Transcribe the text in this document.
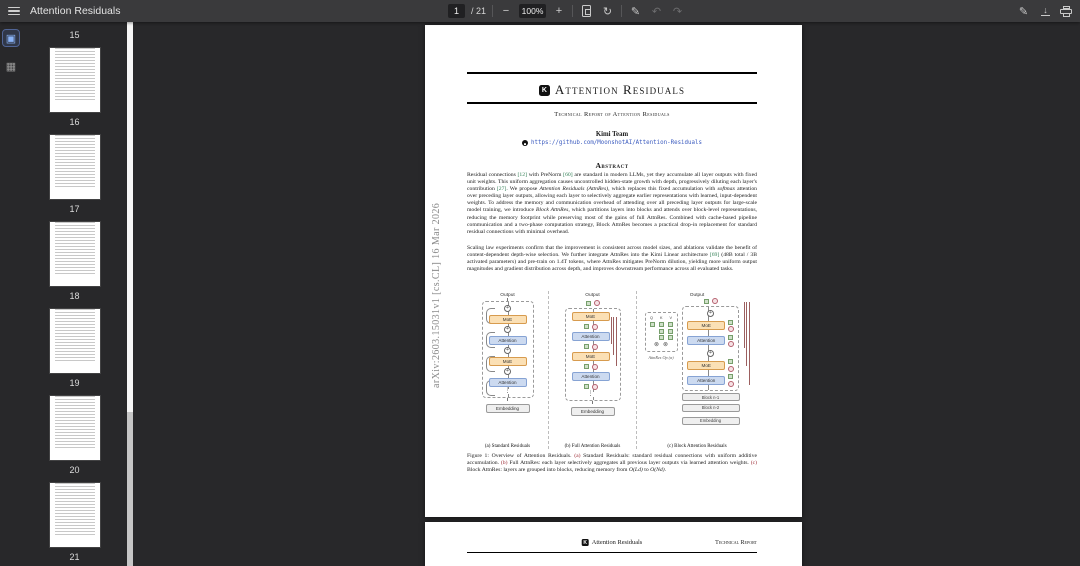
Attention Residuals	1	/ 21	−	100%	+	↻ ✎ ↶ ↷	✎	↓
▣
▦
15
16
17
18
19
20
21
arXiv:2603.15031v1 [cs.CL] 16 Mar 2026
K Attention Residuals
Technical Report of Attention Residuals
Kimi Team
https://github.com/MoonshotAI/Attention-Residuals
Abstract
Residual connections [12] with PreNorm [60] are standard in modern LLMs, yet they accumulate all layer outputs with fixed unit weights. This uniform aggregation causes uncontrolled hidden-state growth with depth, progressively diluting each layer's contribution [27]. We propose Attention Residuals (AttnRes), which replaces this fixed accumulation with softmax attention over preceding layer outputs, allowing each layer to selectively aggregate earlier representations with learned, input-dependent weights. To address the memory and communication overhead of attending over all preceding layer outputs for large-scale model training, we introduce Block AttnRes, which partitions layers into blocks and attends over block-level representations, reducing the memory footprint while preserving most of the gains of full AttnRes. Combined with cache-based pipeline communication and a two-phase computation strategy, Block AttnRes becomes a practical drop-in replacement for standard residual connections with minimal overhead.
Scaling law experiments confirm that the improvement is consistent across model sizes, and ablations validate the benefit of content-dependent depth-wise selection. We further integrate AttnRes into the Kimi Linear architecture [69] (48B total / 3B activated parameters) and pre-train on 1.4T tokens, where AttnRes mitigates PreNorm dilution, yielding more uniform output magnitudes and gradient distribution across depth, and improves downstream performance across all evaluated tasks.
Output
+
MoE
+
Attention
+
MoE
+
Attention
⋮
Embedding
(a) Standard Residuals
Output
MoE
Attention
MoE
Attention
⋮
Embedding
(b) Full Attention Residuals
Output
Q K V
⊗ ⊗
AttnRes Op (α)
+
MoE
Attention
+
MoE
Attention
Block n-1
Block n-2
Embedding
(c) Block Attention Residuals
Figure 1: Overview of Attention Residuals. (a) Standard Residuals: standard residual connections with uniform additive accumulation. (b) Full AttnRes: each layer selectively aggregates all previous layer outputs via learned attention weights. (c) Block AttnRes: layers are grouped into blocks, reducing memory from O(Ld) to O(Nd).
K Attention Residuals	Technical Report
